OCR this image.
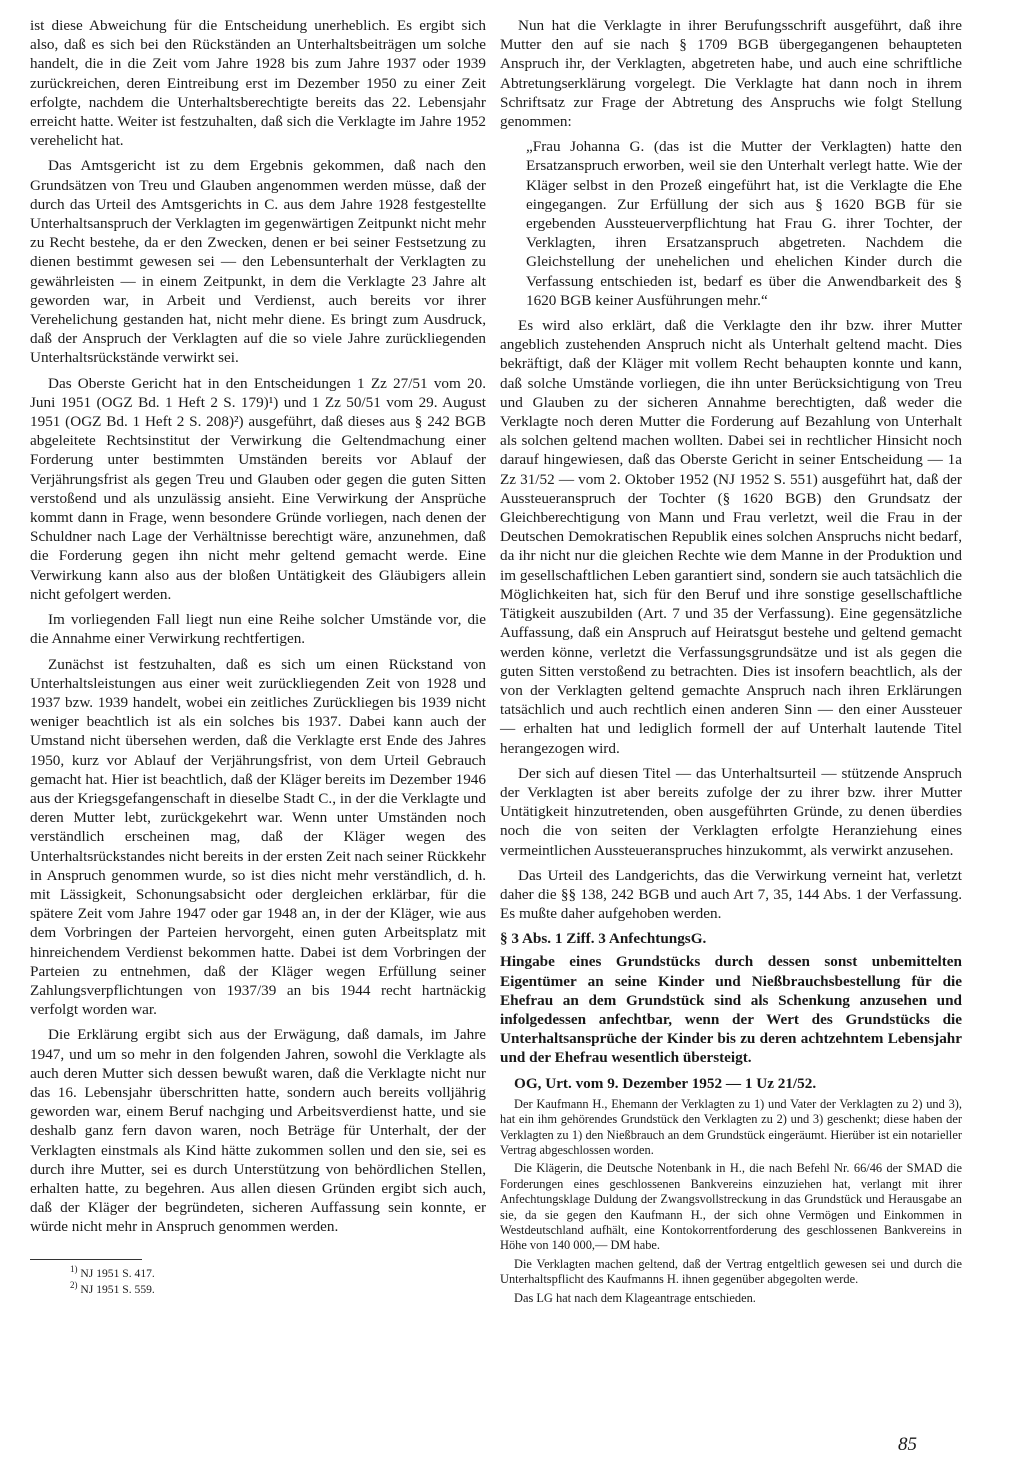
ist diese Abweichung für die Entscheidung unerheblich. Es ergibt sich also, daß es sich bei den Rückständen an Unterhaltsbeiträgen um solche handelt, die in die Zeit vom Jahre 1928 bis zum Jahre 1937 oder 1939 zurückreichen, deren Eintreibung erst im Dezember 1950 zu einer Zeit erfolgte, nachdem die Unterhaltsberechtigte bereits das 22. Lebensjahr erreicht hatte. Weiter ist festzuhalten, daß sich die Verklagte im Jahre 1952 verehelicht hat.

Das Amtsgericht ist zu dem Ergebnis gekommen, daß nach den Grundsätzen von Treu und Glauben angenommen werden müsse, daß der durch das Urteil des Amtsgerichts in C. aus dem Jahre 1928 festgestellte Unterhaltsanspruch der Verklagten im gegenwärtigen Zeitpunkt nicht mehr zu Recht bestehe, da er den Zwecken, denen er bei seiner Festsetzung zu dienen bestimmt gewesen sei — den Lebensunterhalt der Verklagten zu gewährleisten — in einem Zeitpunkt, in dem die Verklagte 23 Jahre alt geworden war, in Arbeit und Verdienst, auch bereits vor ihrer Verehelichung gestanden hat, nicht mehr diene. Es bringt zum Ausdruck, daß der Anspruch der Verklagten auf die so viele Jahre zurückliegenden Unterhaltsrückstände verwirkt sei.

Das Oberste Gericht hat in den Entscheidungen 1 Zz 27/51 vom 20. Juni 1951 (OGZ Bd. 1 Heft 2 S. 179)¹) und 1 Zz 50/51 vom 29. August 1951 (OGZ Bd. 1 Heft 2 S. 208)²) ausgeführt, daß dieses aus § 242 BGB abgeleitete Rechtsinstitut der Verwirkung die Geltendmachung einer Forderung unter bestimmten Umständen bereits vor Ablauf der Verjährungsfrist als gegen Treu und Glauben oder gegen die guten Sitten verstoßend und als unzulässig ansieht. Eine Verwirkung der Ansprüche kommt dann in Frage, wenn besondere Gründe vorliegen, nach denen der Schuldner nach Lage der Verhältnisse berechtigt wäre, anzunehmen, daß die Forderung gegen ihn nicht mehr geltend gemacht werde. Eine Verwirkung kann also aus der bloßen Untätigkeit des Gläubigers allein nicht gefolgert werden.

Im vorliegenden Fall liegt nun eine Reihe solcher Umstände vor, die die Annahme einer Verwirkung rechtfertigen.

Zunächst ist festzuhalten, daß es sich um einen Rückstand von Unterhaltsleistungen aus einer weit zurückliegenden Zeit von 1928 und 1937 bzw. 1939 handelt, wobei ein zeitliches Zurückliegen bis 1939 nicht weniger beachtlich ist als ein solches bis 1937. Dabei kann auch der Umstand nicht übersehen werden, daß die Verklagte erst Ende des Jahres 1950, kurz vor Ablauf der Verjährungsfrist, von dem Urteil Gebrauch gemacht hat. Hier ist beachtlich, daß der Kläger bereits im Dezember 1946 aus der Kriegsgefangenschaft in dieselbe Stadt C., in der die Verklagte und deren Mutter lebt, zurückgekehrt war. Wenn unter Umständen noch verständlich erscheinen mag, daß der Kläger wegen des Unterhaltsrückstandes nicht bereits in der ersten Zeit nach seiner Rückkehr in Anspruch genommen wurde, so ist dies nicht mehr verständlich, d. h. mit Lässigkeit, Schonungsabsicht oder dergleichen erklärbar, für die spätere Zeit vom Jahre 1947 oder gar 1948 an, in der der Kläger, wie aus dem Vorbringen der Parteien hervorgeht, einen guten Arbeitsplatz mit hinreichendem Verdienst bekommen hatte. Dabei ist dem Vorbringen der Parteien zu entnehmen, daß der Kläger wegen Erfüllung seiner Zahlungsverpflichtungen von 1937/39 an bis 1944 recht hartnäckig verfolgt worden war.

Die Erklärung ergibt sich aus der Erwägung, daß damals, im Jahre 1947, und um so mehr in den folgenden Jahren, sowohl die Verklagte als auch deren Mutter sich dessen bewußt waren, daß die Verklagte nicht nur das 16. Lebensjahr überschritten hatte, sondern auch bereits volljährig geworden war, einem Beruf nachging und Arbeitsverdienst hatte, und sie deshalb ganz fern davon waren, noch Beträge für Unterhalt, der der Verklagten einstmals als Kind hätte zukommen sollen und den sie, sei es durch ihre Mutter, sei es durch Unterstützung von behördlichen Stellen, erhalten hatte, zu begehren. Aus allen diesen Gründen ergibt sich auch, daß der Kläger der begründeten, sicheren Auffassung sein konnte, er würde nicht mehr in Anspruch genommen werden.

$^{1)}$ NJ 1951 S. 417.

$^{2)}$ NJ 1951 S. 559.

Nun hat die Verklagte in ihrer Berufungsschrift ausgeführt, daß ihre Mutter den auf sie nach § 1709 BGB übergegangenen behaupteten Anspruch ihr, der Verklagten, abgetreten habe, und auch eine schriftliche Abtretungserklärung vorgelegt. Die Verklagte hat dann noch in ihrem Schriftsatz zur Frage der Abtretung des Anspruchs wie folgt Stellung genommen:

„Frau Johanna G. (das ist die Mutter der Verklagten) hatte den Ersatzanspruch erworben, weil sie den Unterhalt verlegt hatte. Wie der Kläger selbst in den Prozeß eingeführt hat, ist die Verklagte die Ehe eingegangen. Zur Erfüllung der sich aus § 1620 BGB für sie ergebenden Aussteuerverpflichtung hat Frau G. ihrer Tochter, der Verklagten, ihren Ersatzanspruch abgetreten. Nachdem die Gleichstellung der unehelichen und ehelichen Kinder durch die Verfassung entschieden ist, bedarf es über die Anwendbarkeit des § 1620 BGB keiner Ausführungen mehr.“

Es wird also erklärt, daß die Verklagte den ihr bzw. ihrer Mutter angeblich zustehenden Anspruch nicht als Unterhalt geltend macht. Dies bekräftigt, daß der Kläger mit vollem Recht behaupten konnte und kann, daß solche Umstände vorliegen, die ihn unter Berücksichtigung von Treu und Glauben zu der sicheren Annahme berechtigten, daß weder die Verklagte noch deren Mutter die Forderung auf Bezahlung von Unterhalt als solchen geltend machen wollten. Dabei sei in rechtlicher Hinsicht noch darauf hingewiesen, daß das Oberste Gericht in seiner Entscheidung — 1a Zz 31/52 — vom 2. Oktober 1952 (NJ 1952 S. 551) ausgeführt hat, daß der Aussteueranspruch der Tochter (§ 1620 BGB) den Grundsatz der Gleichberechtigung von Mann und Frau verletzt, weil die Frau in der Deutschen Demokratischen Republik eines solchen Anspruchs nicht bedarf, da ihr nicht nur die gleichen Rechte wie dem Manne in der Produktion und im gesellschaftlichen Leben garantiert sind, sondern sie auch tatsächlich die Möglichkeiten hat, sich für den Beruf und ihre sonstige gesellschaftliche Tätigkeit auszubilden (Art. 7 und 35 der Verfassung). Eine gegensätzliche Auffassung, daß ein Anspruch auf Heiratsgut bestehe und geltend gemacht werden könne, verletzt die Verfassungsgrundsätze und ist als gegen die guten Sitten verstoßend zu betrachten. Dies ist insofern beachtlich, als der von der Verklagten geltend gemachte Anspruch nach ihren Erklärungen tatsächlich und auch rechtlich einen anderen Sinn — den einer Aussteuer — erhalten hat und lediglich formell der auf Unterhalt lautende Titel herangezogen wird.

Der sich auf diesen Titel — das Unterhaltsurteil — stützende Anspruch der Verklagten ist aber bereits zufolge der zu ihrer bzw. ihrer Mutter Untätigkeit hinzutretenden, oben ausgeführten Gründe, zu denen überdies noch die von seiten der Verklagten erfolgte Heranziehung eines vermeintlichen Aussteueranspruches hinzukommt, als verwirkt anzusehen.

Das Urteil des Landgerichts, das die Verwirkung verneint hat, verletzt daher die §§ 138, 242 BGB und auch Art 7, 35, 144 Abs. 1 der Verfassung. Es mußte daher aufgehoben werden.

§ 3 Abs. 1 Ziff. 3 AnfechtungsG.

Hingabe eines Grundstücks durch dessen sonst unbemittelten Eigentümer an seine Kinder und Nießbrauchsbestellung für die Ehefrau an dem Grundstück sind als Schenkung anzusehen und infolgedessen anfechtbar, wenn der Wert des Grundstücks die Unterhaltsansprüche der Kinder bis zu deren achtzehntem Lebensjahr und der Ehefrau wesentlich übersteigt.

OG, Urt. vom 9. Dezember 1952 — 1 Uz 21/52.

Der Kaufmann H., Ehemann der Verklagten zu 1) und Vater der Verklagten zu 2) und 3), hat ein ihm gehörendes Grundstück den Verklagten zu 2) und 3) geschenkt; diese haben der Verklagten zu 1) den Nießbrauch an dem Grundstück eingeräumt. Hierüber ist ein notarieller Vertrag abgeschlossen worden.

Die Klägerin, die Deutsche Notenbank in H., die nach Befehl Nr. 66/46 der SMAD die Forderungen eines geschlossenen Bankvereins einzuziehen hat, verlangt mit ihrer Anfechtungsklage Duldung der Zwangsvollstreckung in das Grundstück und Herausgabe an sie, da sie gegen den Kaufmann H., der sich ohne Vermögen und Einkommen in Westdeutschland aufhält, eine Kontokorrentforderung des geschlossenen Bankvereins in Höhe von 140 000,— DM habe.

Die Verklagten machen geltend, daß der Vertrag entgeltlich gewesen sei und durch die Unterhaltspflicht des Kaufmanns H. ihnen gegenüber abgegolten werde.

Das LG hat nach dem Klageantrage entschieden.

85
